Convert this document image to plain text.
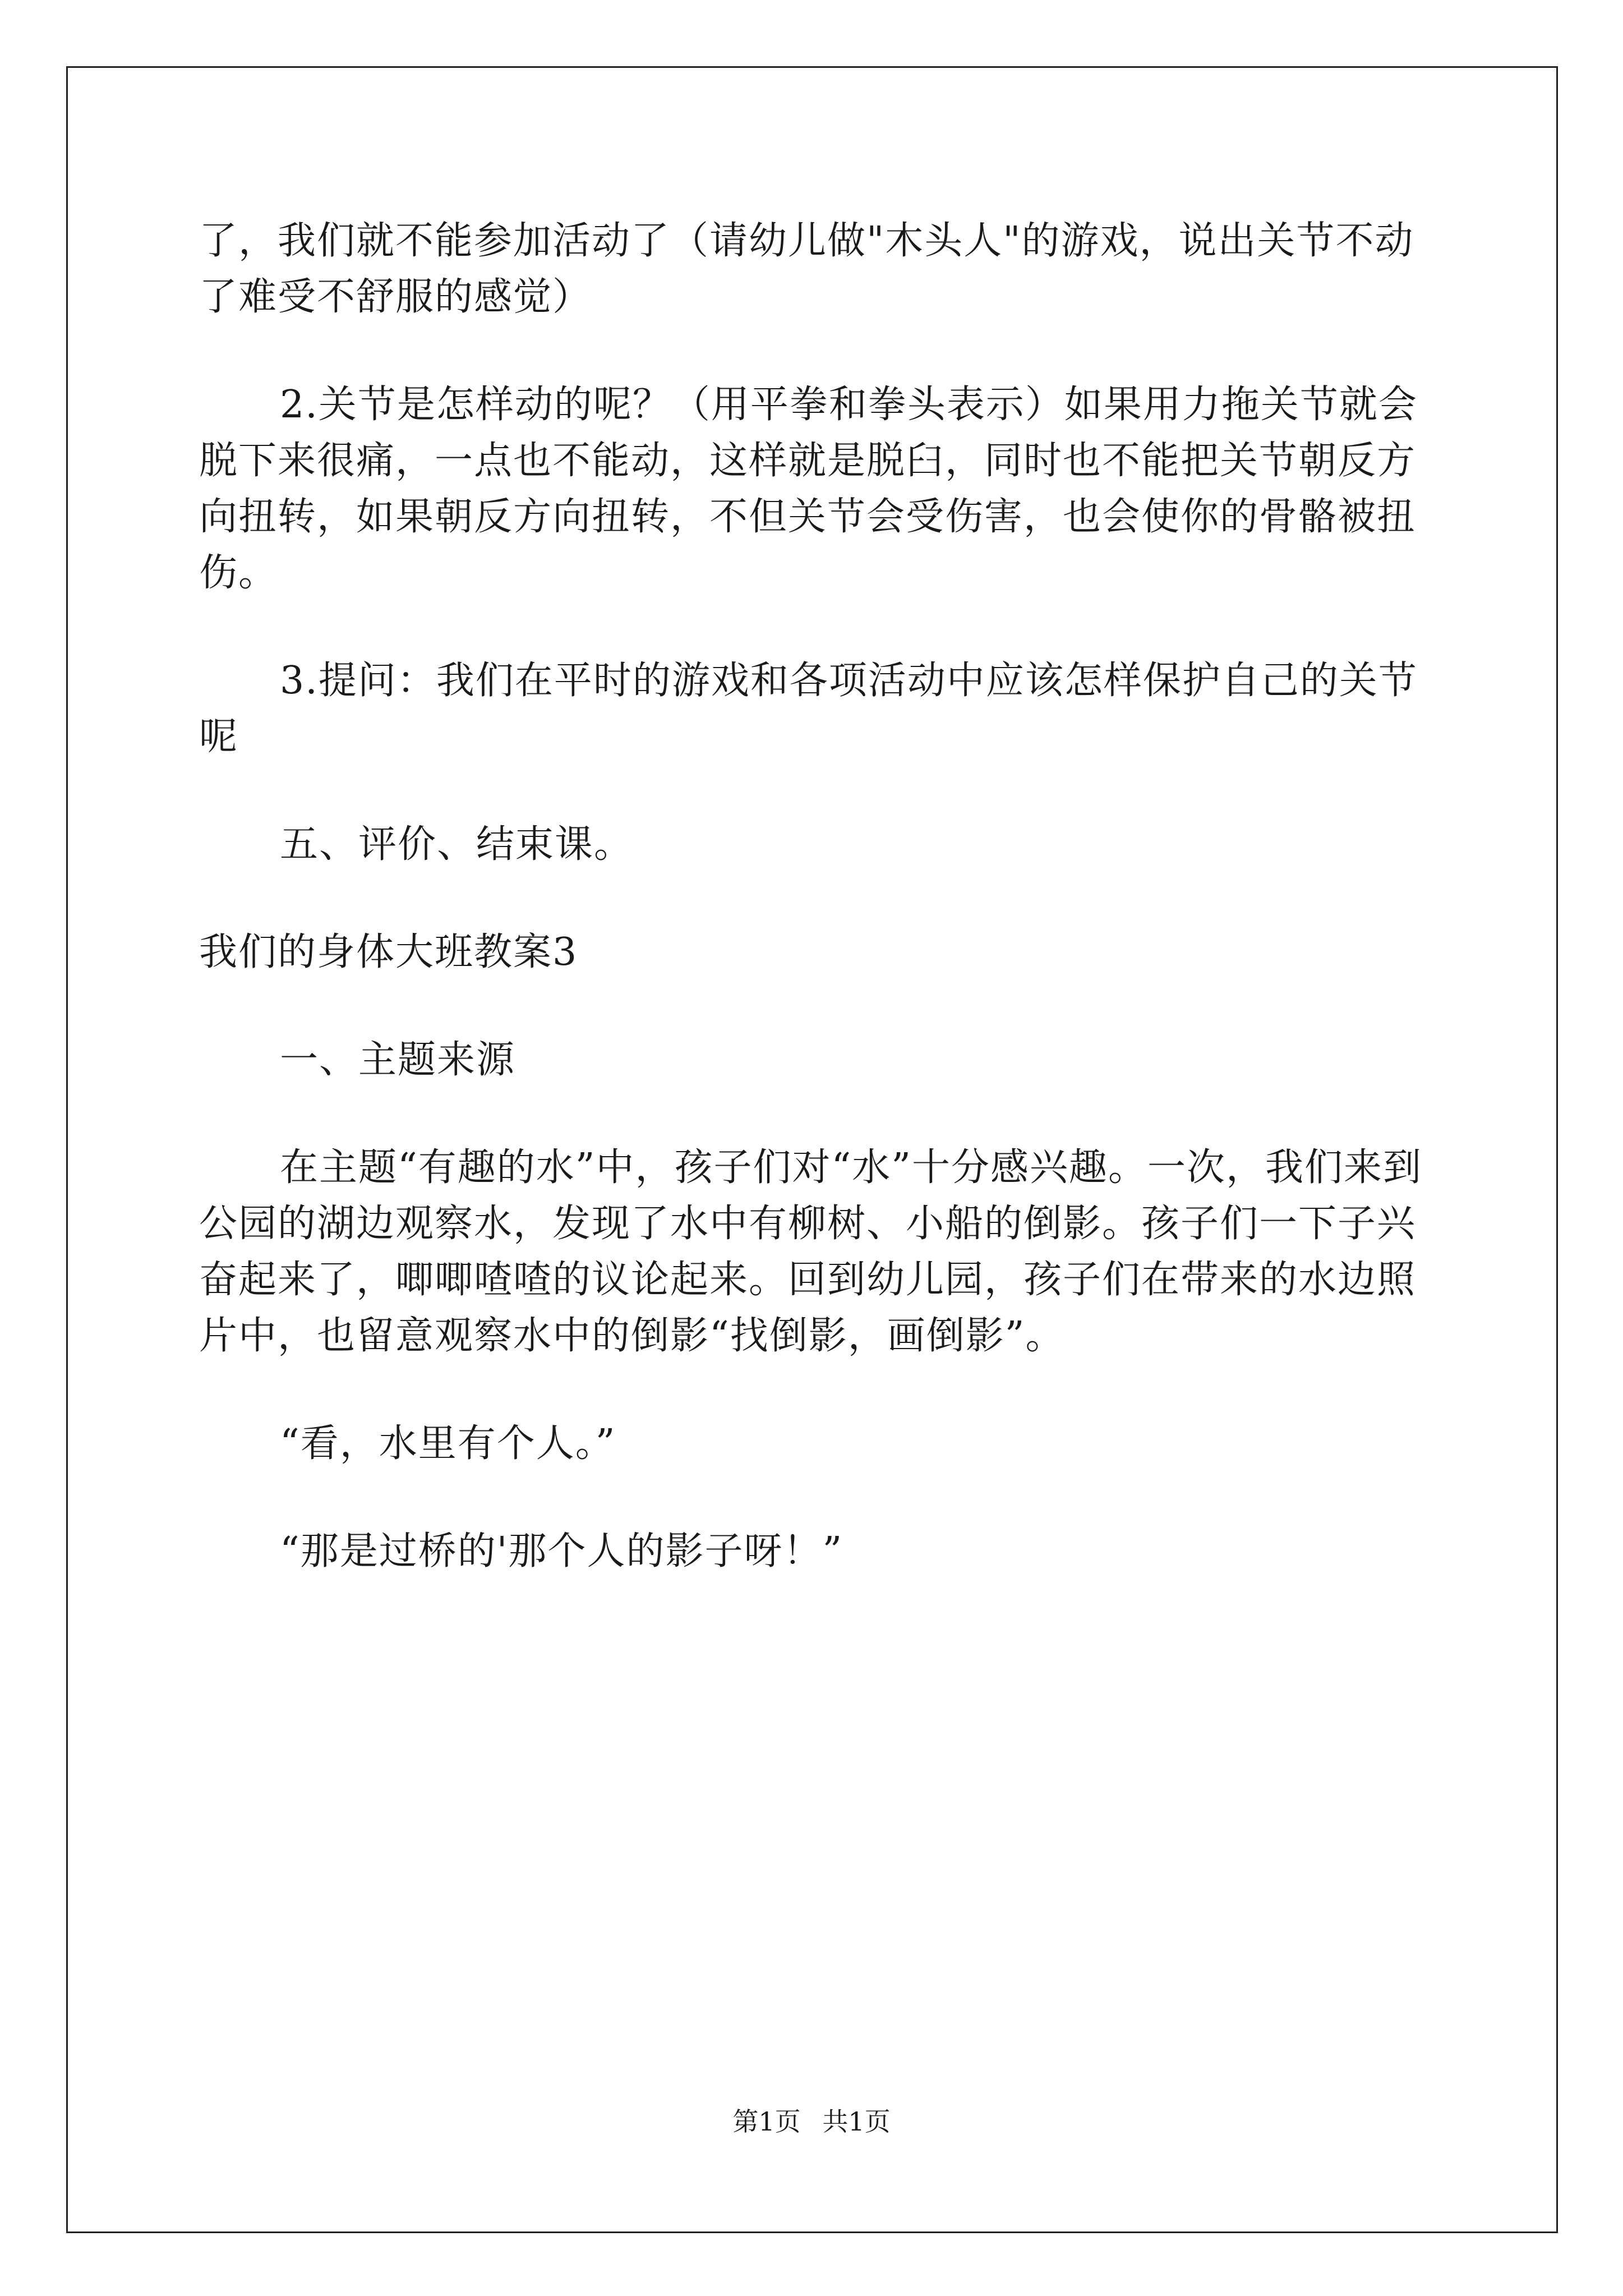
了，我们就不能参加活动了（请幼儿做"木头人"的游戏，说出关节不动了难受不舒服的感觉）

2.关节是怎样动的呢？（用平拳和拳头表示）如果用力拖关节就会脱下来很痛，一点也不能动，这样就是脱臼，同时也不能把关节朝反方向扭转，如果朝反方向扭转，不但关节会受伤害，也会使你的骨骼被扭伤。

3.提问：我们在平时的游戏和各项活动中应该怎样保护自己的关节呢

五、评价、结束课。

我们的身体大班教案3

一、主题来源

在主题“有趣的水”中，孩子们对“水”十分感兴趣。一次，我们来到公园的湖边观察水，发现了水中有柳树、小船的倒影。孩子们一下子兴奋起来了，唧唧喳喳的议论起来。回到幼儿园，孩子们在带来的水边照片中，也留意观察水中的倒影“找倒影，画倒影”。

“看，水里有个人。”

“那是过桥的'那个人的影子呀！”

第1页 共1页
